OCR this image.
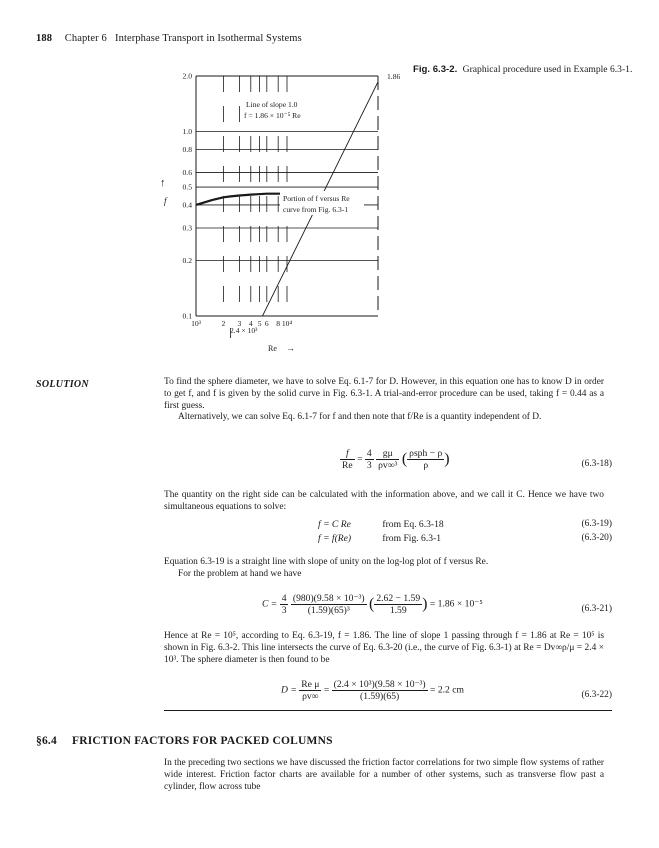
188 Chapter 6 Interphase Transport in Isothermal Systems
2.0
1.0
0.8
0.6
0.5
0.4
0.3
0.2
0.1
10³	2 3 4 5 6 8 10⁴
Line of slope 1.0
f = 1.86 × 10⁻⁵ Re
Portion of f versus Re
curve from Fig. 6.3-1
1.86
↑
f
2.4 × 10³
Re →
Fig. 6.3-2. Graphical procedure used in Example 6.3-1.
SOLUTION	To find the sphere diameter, we have to solve Eq. 6.1-7 for D. However, in this equation one has to know D in order to get f, and f is given by the solid curve in Fig. 6.3-1. A trial-and-error procedure can be used, taking f = 0.44 as a first guess.

Alternatively, we can solve Eq. 6.1-7 for f and then note that f/Re is a quantity independent of D.

$\frac{f}{Re} = \frac{4}{3}$
$\frac{g\mu}{\text{ρv∞³}}$ ( $\frac{\text{ρsph − ρ}}{\rho}$ )	(6.3-18)
The quantity on the right side can be calculated with the information above, and we call it C. Hence we have two simultaneous equations to solve:
f = C Re	from Eq. 6.3-18	(6.3-19)
f = f(Re)	from Fig. 6.3-1	(6.3-20)

Equation 6.3-19 is a straight line with slope of unity on the log-log plot of f versus Re.

For the problem at hand we have

$C = \frac{4}{3}$
$\frac{\text{(980)(9.58 × 10⁻³)}}{\text{(1.59)(65)³}}$ ( $\frac{2.62 - 1.59}{1.59}$ ) = 1.86 × 10⁻⁵	(6.3-21)
Hence at Re = 10⁵, according to Eq. 6.3-19, f = 1.86. The line of slope 1 passing through f = 1.86 at Re = 10⁵ is shown in Fig. 6.3-2. This line intersects the curve of Eq. 6.3-20 (i.e., the curve of Fig. 6.3-1) at Re = Dv∞ρ/μ = 2.4 × 10³. The sphere diameter is then found to be
$D = \frac{\text{Re μ}}{\rho v\infty} = \frac{\text{(2.4 × 10³)(9.58 × 10⁻³)}}{(1.59)(65)} = 2.2$ cm	(6.3-22)
§6.4 FRICTION FACTORS FOR PACKED COLUMNS
In the preceding two sections we have discussed the friction factor correlations for two simple flow systems of rather wide interest. Friction factor charts are available for a number of other systems, such as transverse flow past a cylinder, flow across tube
